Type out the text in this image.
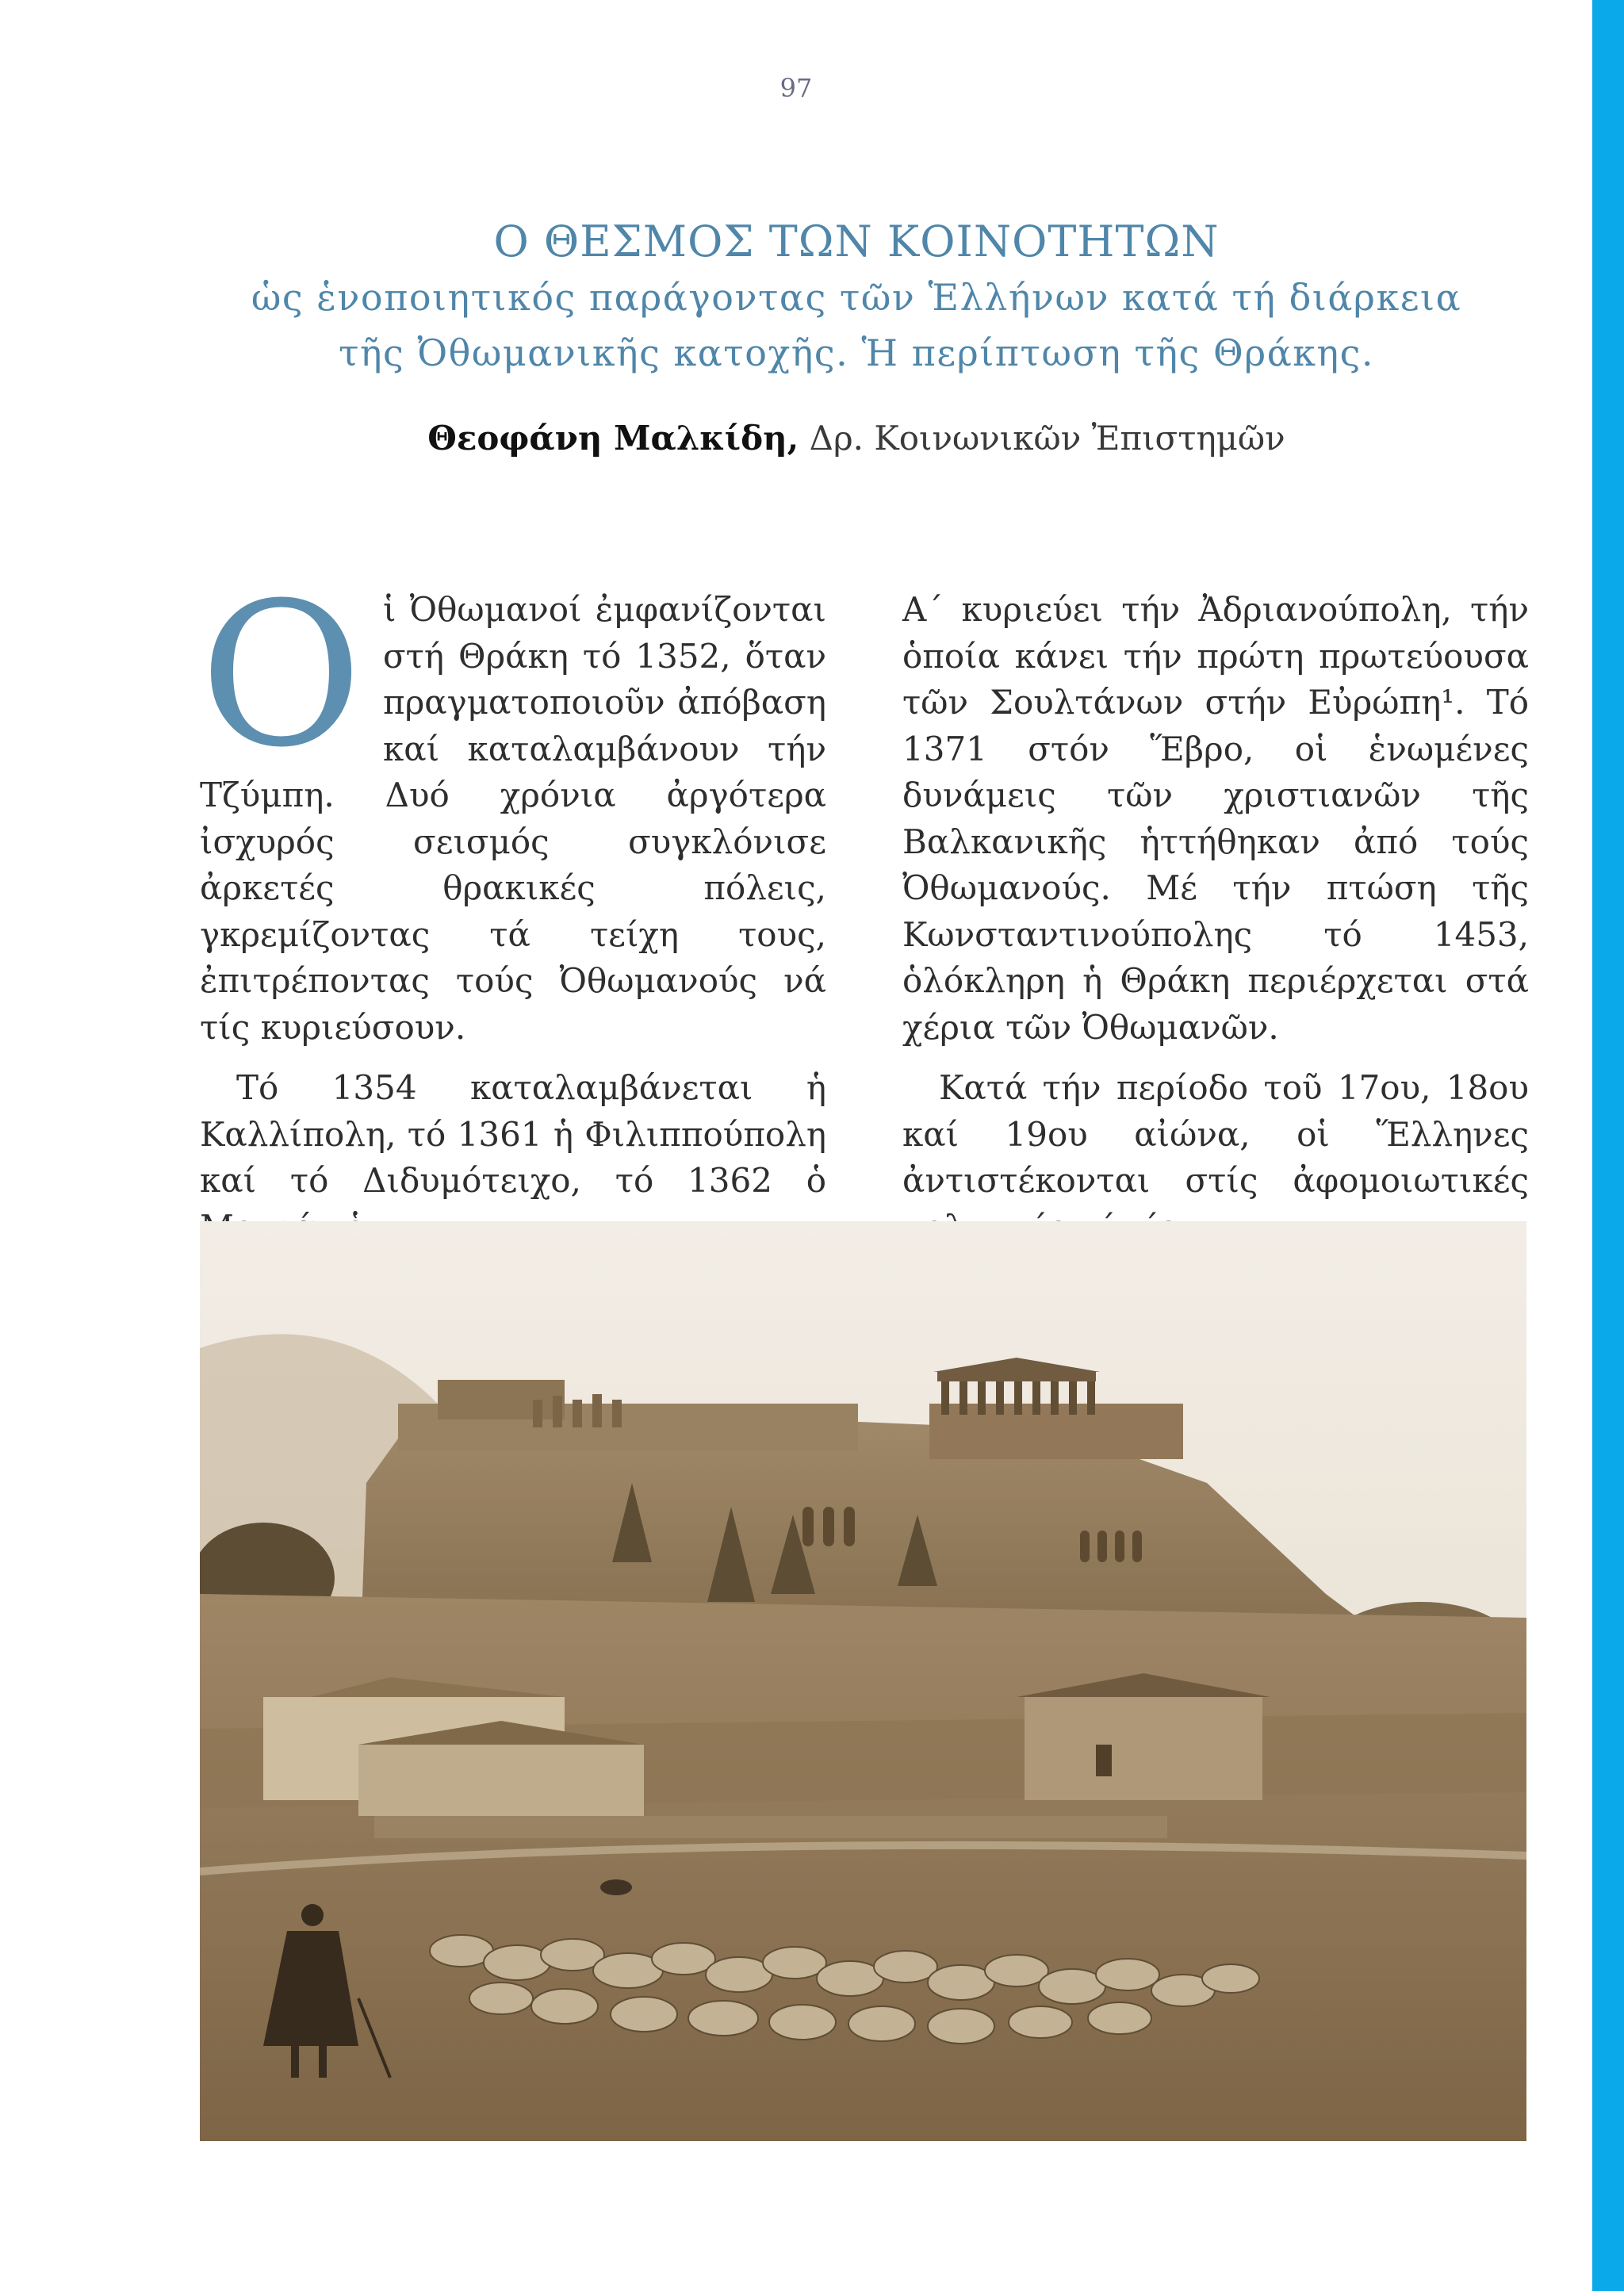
97
Ο ΘΕΣΜΟΣ ΤΩΝ ΚΟΙΝΟΤΗΤΩΝ
ὡς ἑνοποιητικός παράγοντας τῶν Ἑλλήνων κατά τή διάρκεια
τῆς Ὀθωμανικῆς κατοχῆς. Ἡ περίπτωση τῆς Θράκης.
Θεοφάνη Μαλκίδη, Δρ. Κοινωνικῶν Ἐπιστημῶν

Οἱ Ὀθωμανοί ἐμφανίζονται στή Θράκη τό 1352, ὅταν πραγματοποιοῦν ἀπόβαση καί καταλαμβάνουν τήν Τζύμπη. Δυό χρόνια ἀργότερα ἰσχυρός σεισμός συγκλόνισε ἀρκετές θρακικές πόλεις, γκρεμίζοντας τά τείχη τους, ἐπιτρέποντας τούς Ὀθωμανούς νά τίς κυριεύσουν.

Τό 1354 καταλαμβάνεται ἡ Καλλίπολη, τό 1361 ἡ Φιλιππούπολη καί τό Διδυμότειχο, τό 1362 ὁ

Α΄ κυριεύει τήν Ἀδριανούπολη, τήν ὁποία κάνει τήν πρώτη πρωτεύουσα τῶν Σουλτάνων στήν Εὐρώπη¹. Τό 1371 στόν Ἕβρο, οἱ ἑνωμένες δυνάμεις τῶν χριστιανῶν τῆς Βαλκανικῆς ἡττήθηκαν ἀπό τούς Ὀθωμανούς. Μέ τήν πτώση τῆς Κωνσταντινούπολης τό 1453, ὁλόκληρη ἡ Θράκη περιέρχεται στά χέρια τῶν Ὀθωμανῶν.

Κατά τήν περίοδο τοῦ 17ου, 18ου καί 19ου αἰώνα, οἱ Ἕλληνες ἀντιστέκονται στίς ἀφομοιωτικές
